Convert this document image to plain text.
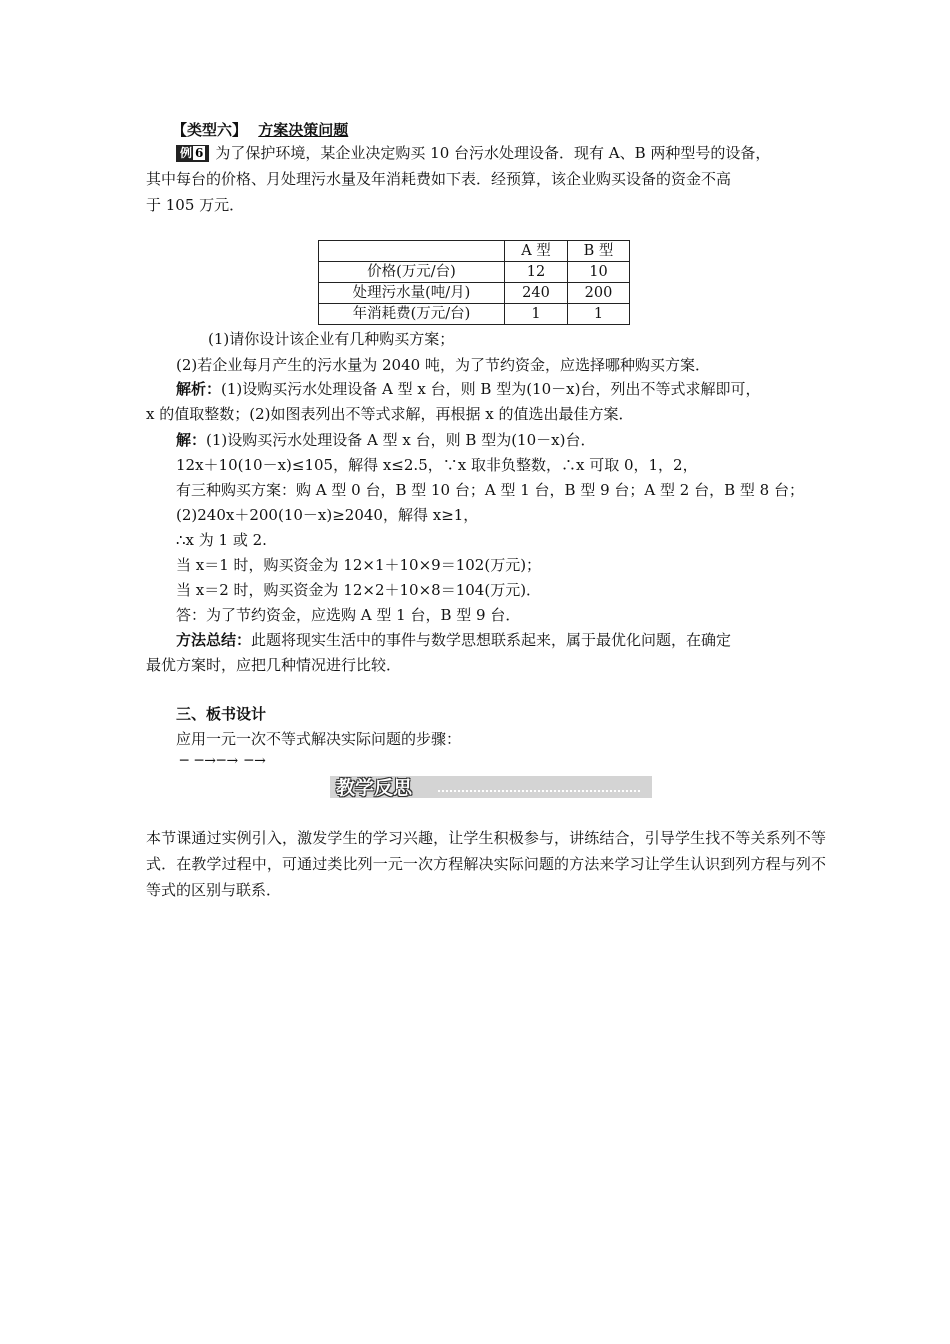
【类型六】 方案决策问题
例 6 为了保护环境，某企业决定购买 10 台污水处理设备．现有 A、B 两种型号的设备，
其中每台的价格、月处理污水量及年消耗费如下表．经预算，该企业购买设备的资金不高
于 105 万元．
	A 型	B 型
价格(万元/台)	12	10
处理污水量(吨/月)	240	200
年消耗费(万元/台)	1	1
(1)请你设计该企业有几种购买方案；
(2)若企业每月产生的污水量为 2040 吨，为了节约资金，应选择哪种购买方案．
解析：(1)设购买污水处理设备 A 型 x 台，则 B 型为(10－x)台，列出不等式求解即可，
x 的值取整数；(2)如图表列出不等式求解，再根据 x 的值选出最佳方案．
解：(1)设购买污水处理设备 A 型 x 台，则 B 型为(10－x)台．
12x＋10(10－x)≤105，解得 x≤2.5，∵x 取非负整数，∴x 可取 0，1，2，
有三种购买方案：购 A 型 0 台，B 型 10 台；A 型 1 台，B 型 9 台；A 型 2 台，B 型 8 台；
(2)240x＋200(10－x)≥2040，解得 x≥1，
∴x 为 1 或 2.
当 x＝1 时，购买资金为 12×1＋10×9＝102(万元)；
当 x＝2 时，购买资金为 12×2＋10×8＝104(万元)．
答：为了节约资金，应选购 A 型 1 台，B 型 9 台．
方法总结：此题将现实生活中的事件与数学思想联系起来，属于最优化问题，在确定
最优方案时，应把几种情况进行比较．
三、板书设计
应用一元一次不等式解决实际问题的步骤：
─ ─→─→ ─→
教学反思
本节课通过实例引入，激发学生的学习兴趣，让学生积极参与，讲练结合，引导学生找不等关系列不等式．在教学过程中，可通过类比列一元一次方程解决实际问题的方法来学习让学生认识到列方程与列不等式的区别与联系．
